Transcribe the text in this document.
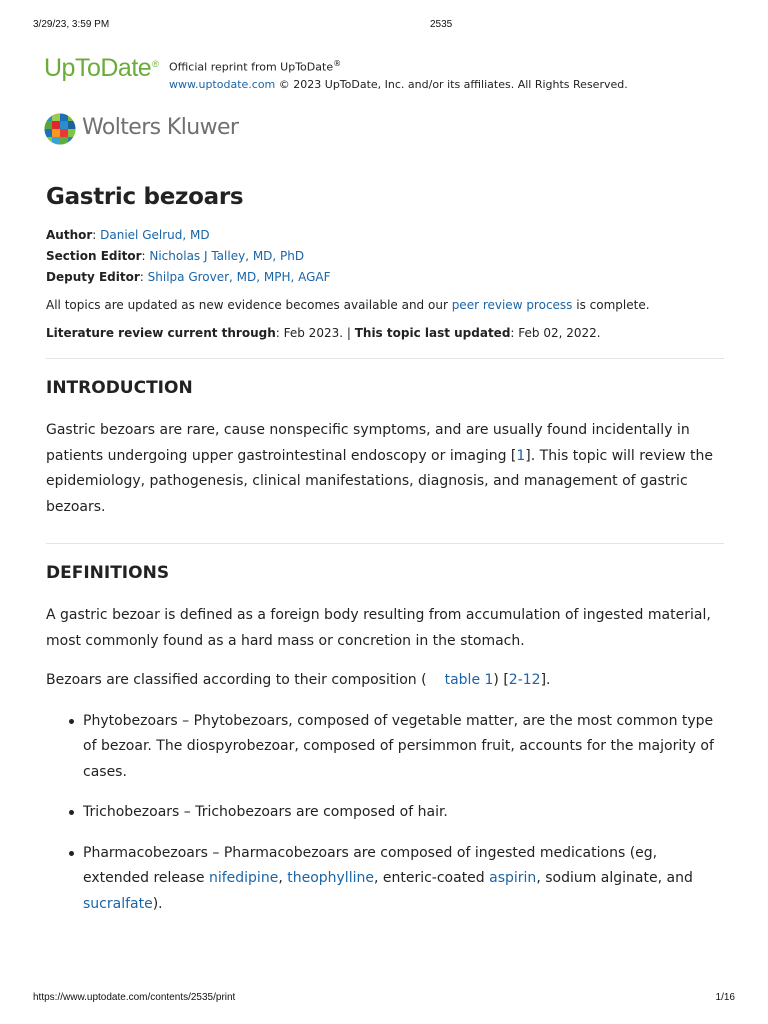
3/29/23, 3:59 PM	2535
UpToDate® Official reprint from UpToDate®
www.uptodate.com © 2023 UpToDate, Inc. and/or its affiliates. All Rights Reserved.
Wolters Kluwer
Gastric bezoars
Author: Daniel Gelrud, MD
Section Editor: Nicholas J Talley, MD, PhD
Deputy Editor: Shilpa Grover, MD, MPH, AGAF
All topics are updated as new evidence becomes available and our peer review process is complete.
Literature review current through: Feb 2023. | This topic last updated: Feb 02, 2022.
INTRODUCTION

Gastric bezoars are rare, cause nonspecific symptoms, and are usually found incidentally in patients undergoing upper gastrointestinal endoscopy or imaging [1]. This topic will review the epidemiology, pathogenesis, clinical manifestations, diagnosis, and management of gastric bezoars.

DEFINITIONS

A gastric bezoar is defined as a foreign body resulting from accumulation of ingested material, most commonly found as a hard mass or concretion in the stomach.

Bezoars are classified according to their composition ( table 1) [2-12].

Phytobezoars – Phytobezoars, composed of vegetable matter, are the most common type of bezoar. The diospyrobezoar, composed of persimmon fruit, accounts for the majority of cases.
Trichobezoars – Trichobezoars are composed of hair.
Pharmacobezoars – Pharmacobezoars are composed of ingested medications (eg, extended release nifedipine, theophylline, enteric-coated aspirin, sodium alginate, and sucralfate).
https://www.uptodate.com/contents/2535/print	1/16
